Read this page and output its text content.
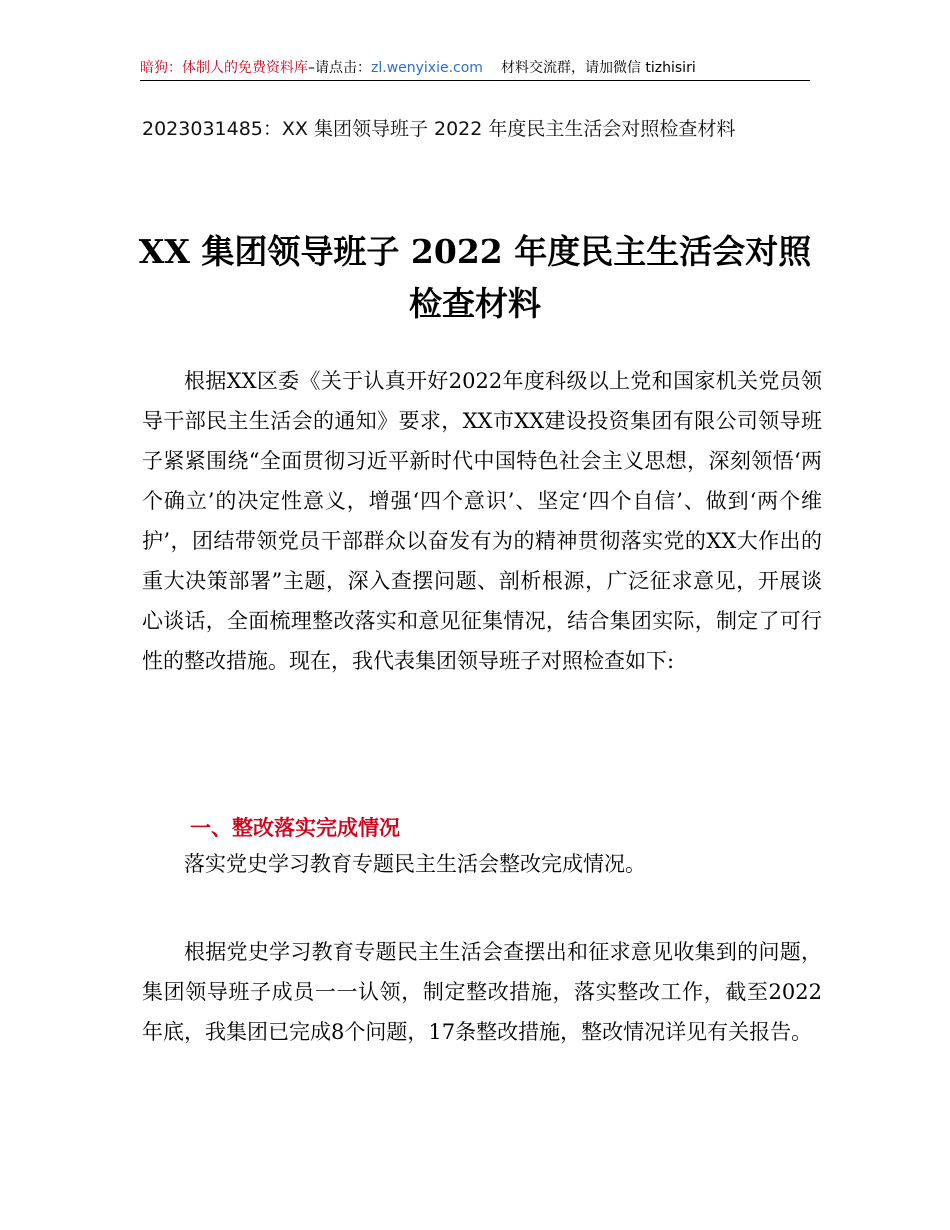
暗狗：体制人的免费资料库–请点击：zl.wenyixie.com 材料交流群，请加微信 tizhisiri
2023031485：XX 集团领导班子 2022 年度民主生活会对照检查材料
XX 集团领导班子 2022 年度民主生活会对照检查材料

根据XX区委《关于认真开好2022年度科级以上党和国家机关党员领导干部民主生活会的通知》要求，XX市XX建设投资集团有限公司领导班子紧紧围绕“全面贯彻习近平新时代中国特色社会主义思想，深刻领悟‘两个确立’的决定性意义，增强‘四个意识’、坚定‘四个自信’、做到‘两个维护’，团结带领党员干部群众以奋发有为的精神贯彻落实党的XX大作出的重大决策部署”主题，深入查摆问题、剖析根源，广泛征求意见，开展谈心谈话，全面梳理整改落实和意见征集情况，结合集团实际，制定了可行性的整改措施。现在，我代表集团领导班子对照检查如下:

一、整改落实完成情况

落实党史学习教育专题民主生活会整改完成情况。

根据党史学习教育专题民主生活会查摆出和征求意见收集到的问题，集团领导班子成员一一认领，制定整改措施，落实整改工作，截至2022年底，我集团已完成8个问题，17条整改措施，整改情况详见有关报告。
